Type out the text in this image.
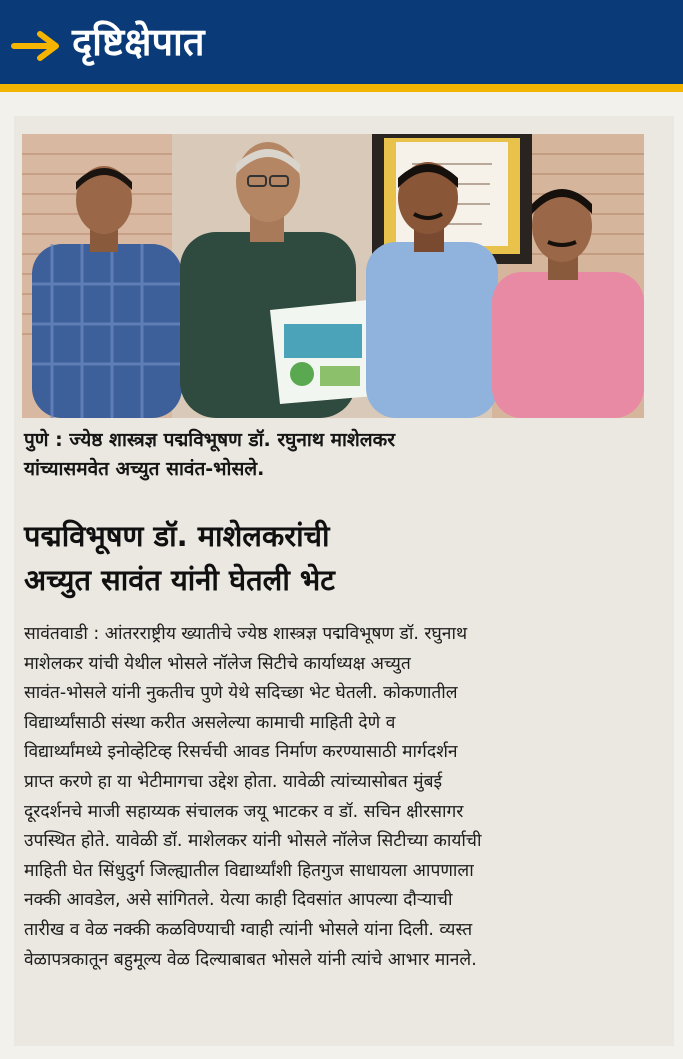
दृष्टिक्षेपात
पुणे : ज्येष्ठ शास्त्रज्ञ पद्मविभूषण डॉ. रघुनाथ माशेलकर
यांच्यासमवेत अच्युत सावंत-भोसले.
पद्मविभूषण डॉ. माशेलकरांची
अच्युत सावंत यांनी घेतली भेट
सावंतवाडी : आंतरराष्ट्रीय ख्यातीचे ज्येष्ठ शास्त्रज्ञ पद्मविभूषण डॉ. रघुनाथ
माशेलकर यांची येथील भोसले नॉलेज सिटीचे कार्याध्यक्ष अच्युत
सावंत-भोसले यांनी नुकतीच पुणे येथे सदिच्छा भेट घेतली. कोकणातील
विद्यार्थ्यांसाठी संस्था करीत असलेल्या कामाची माहिती देणे व
विद्यार्थ्यांमध्ये इनोव्हेटिव्ह रिसर्चची आवड निर्माण करण्यासाठी मार्गदर्शन
प्राप्त करणे हा या भेटीमागचा उद्देश होता. यावेळी त्यांच्यासोबत मुंबई
दूरदर्शनचे माजी सहाय्यक संचालक जयू भाटकर व डॉ. सचिन क्षीरसागर
उपस्थित होते. यावेळी डॉ. माशेलकर यांनी भोसले नॉलेज सिटीच्या कार्याची
माहिती घेत सिंधुदुर्ग जिल्ह्यातील विद्यार्थ्यांशी हितगुज साधायला आपणाला
नक्की आवडेल, असे सांगितले. येत्या काही दिवसांत आपल्या दौऱ्याची
तारीख व वेळ नक्की कळविण्याची ग्वाही त्यांनी भोसले यांना दिली. व्यस्त
वेळापत्रकातून बहुमूल्य वेळ दिल्याबाबत भोसले यांनी त्यांचे आभार मानले.
